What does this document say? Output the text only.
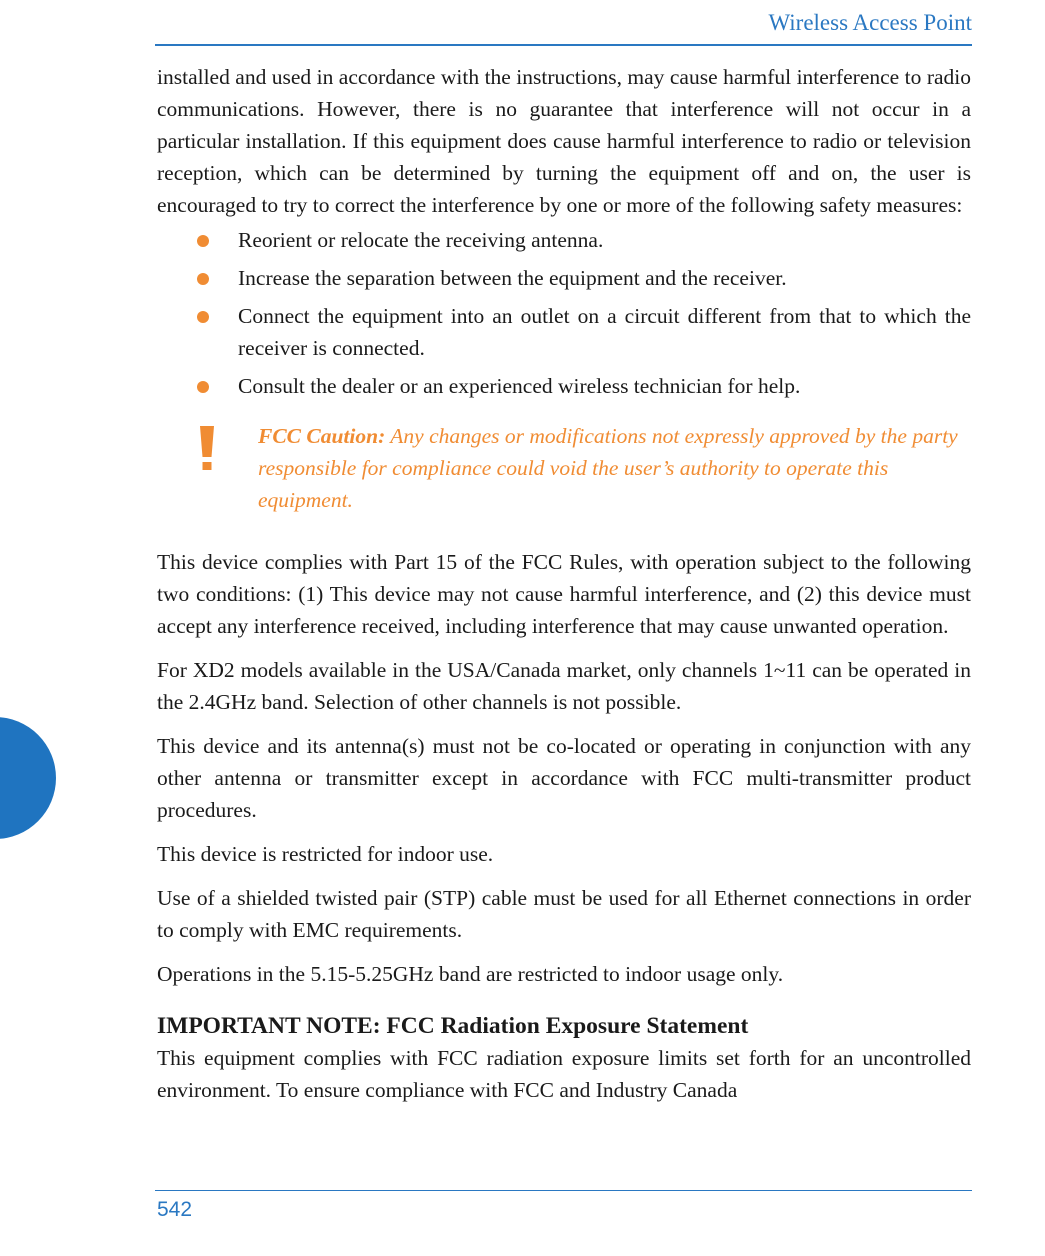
Wireless Access Point

installed and used in accordance with the instructions, may cause harmful interference to radio communications. However, there is no guarantee that interference will not occur in a particular installation. If this equipment does cause harmful interference to radio or television reception, which can be determined by turning the equipment off and on, the user is encouraged to try to correct the interference by one or more of the following safety measures:

Reorient or relocate the receiving antenna.
Increase the separation between the equipment and the receiver.
Connect the equipment into an outlet on a circuit different from that to which the receiver is connected.
Consult the dealer or an experienced wireless technician for help.
FCC Caution: Any changes or modifications not expressly approved by the party responsible for compliance could void the user’s authority to operate this equipment.

This device complies with Part 15 of the FCC Rules, with operation subject to the following two conditions: (1) This device may not cause harmful interference, and (2) this device must accept any interference received, including interference that may cause unwanted operation.

For XD2 models available in the USA/Canada market, only channels 1~11 can be operated in the 2.4GHz band. Selection of other channels is not possible.

This device and its antenna(s) must not be co-located or operating in conjunction with any other antenna or transmitter except in accordance with FCC multi-transmitter product procedures.

This device is restricted for indoor use.

Use of a shielded twisted pair (STP) cable must be used for all Ethernet connections in order to comply with EMC requirements.

Operations in the 5.15-5.25GHz band are restricted to indoor usage only.

IMPORTANT NOTE: FCC Radiation Exposure Statement

This equipment complies with FCC radiation exposure limits set forth for an uncontrolled environment. To ensure compliance with FCC and Industry Canada

542
